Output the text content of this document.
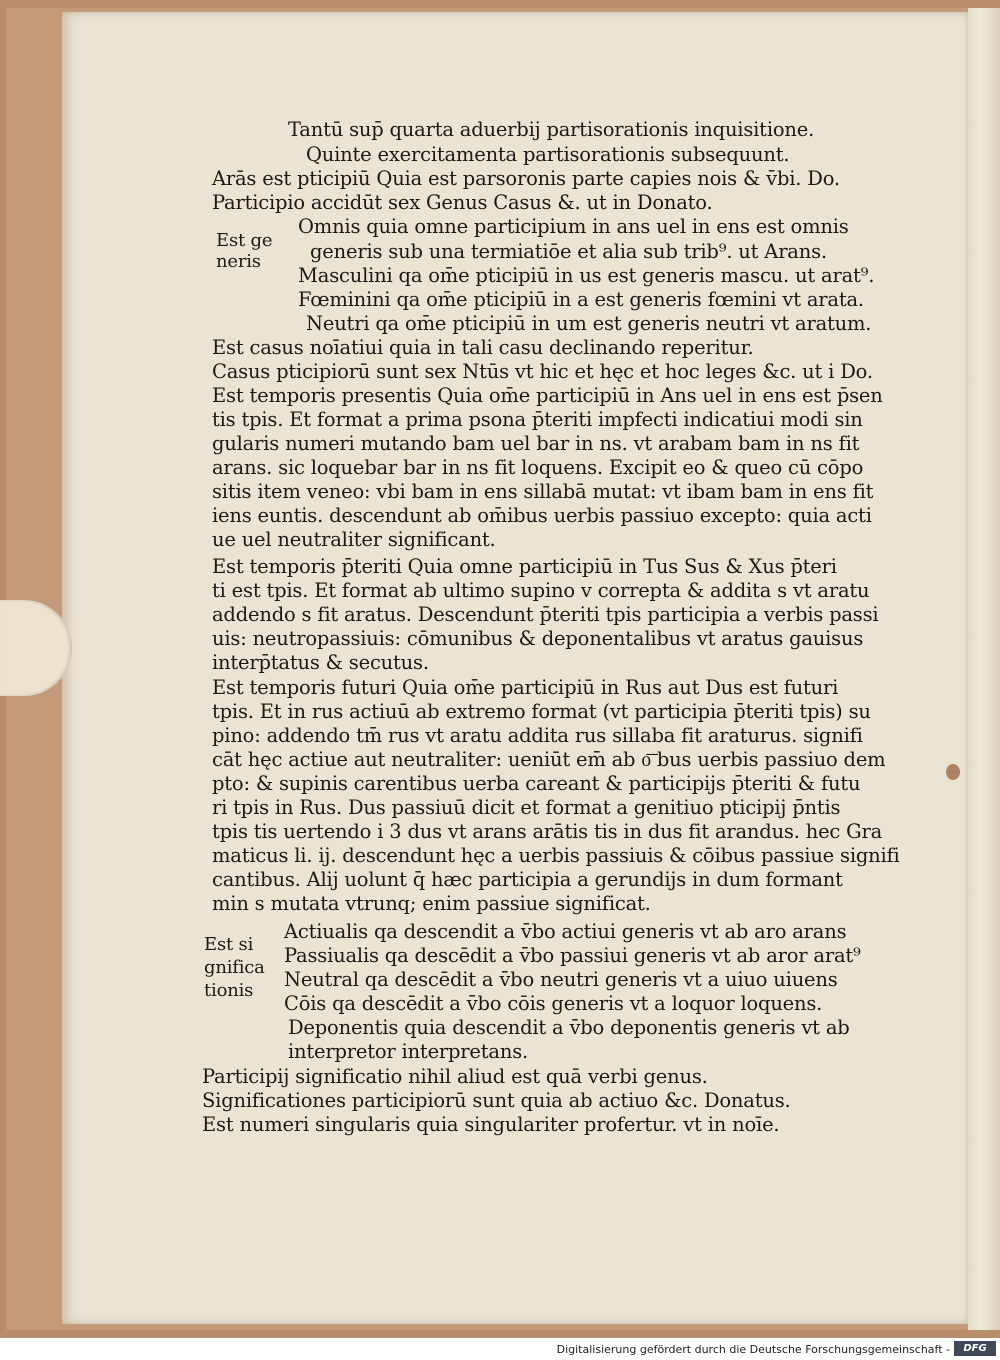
Tantū sup̄ quarta aduerbij partisorationis inquisitione.
Quinte exercitamenta partisorationis subsequunt.
Arās est pticipiū Quia est parsoronis parte capies nois & v̄bi. Do.
Participio accidūt sex Genus Casus &. ut in Donato.
Omnis quia omne participium in ans uel in ens est omnis
generis sub una termiatiōe et alia sub trib⁹. ut Arans.
Masculini qa om̄e pticipiū in us est generis mascu. ut arat⁹.
Fœminini qa om̄e pticipiū in a est generis fœmini vt arata.
Neutri qa om̄e pticipiū in um est generis neutri vt aratum.
Est casus noīatiui quia in tali casu declinando reperitur.
Casus pticipiorū sunt sex Ntūs vt hic et hęc et hoc leges &c. ut i Do.
Est temporis presentis Quia om̄e participiū in Ans uel in ens est p̄sen
tis tpis. Et format a prima psona p̄teriti impfecti indicatiui modi sin
gularis numeri mutando bam uel bar in ns. vt arabam bam in ns fit
arans. sic loquebar bar in ns fit loquens. Excipit eo & queo cū cōpo
sitis item veneo: vbi bam in ens sillabā mutat: vt ibam bam in ens fit
iens euntis. descendunt ab om̄ibus uerbis passiuo excepto: quia acti
ue uel neutraliter significant.
Est temporis p̄teriti Quia omne participiū in Tus Sus & Xus p̄teri
ti est tpis. Et format ab ultimo supino v correpta & addita s vt aratu
addendo s fit aratus. Descendunt p̄teriti tpis participia a verbis passi
uis: neutropassiuis: cōmunibus & deponentalibus vt aratus gauisus
interp̄tatus & secutus.
Est temporis futuri Quia om̄e participiū in Rus aut Dus est futuri
tpis. Et in rus actiuū ab extremo format (vt participia p̄teriti tpis) su
pino: addendo tm̄ rus vt aratu addita rus sillaba fit araturus. signifi
cāt hęc actiue aut neutraliter: ueniūt em̄ ab o͞ bus uerbis passiuo dem
pto: & supinis carentibus uerba careant & participijs p̄teriti & futu
ri tpis in Rus. Dus passiuū dicit et format a genitiuo pticipij p̄ntis
tpis tis uertendo i 3 dus vt arans arātis tis in dus fit arandus. hec Gra
maticus li. ij. descendunt hęc a uerbis passiuis & cōibus passiue signifi
cantibus. Alij uolunt q̄ hæc participia a gerundijs in dum formant
min s mutata vtrunq; enim passiue significat.
Actiualis qa descendit a v̄bo actiui generis vt ab aro arans
Passiualis qa descēdit a v̄bo passiui generis vt ab aror arat⁹
Neutral qa descēdit a v̄bo neutri generis vt a uiuo uiuens
Cōis qa descēdit a v̄bo cōis generis vt a loquor loquens.
Deponentis quia descendit a v̄bo deponentis generis vt ab
interpretor interpretans.
Participij significatio nihil aliud est quā verbi genus.
Significationes participiorū sunt quia ab actiuo &c. Donatus.
Est numeri singularis quia singulariter profertur. vt in noīe.
Est ge
neris
Est si
gnifica
tionis
Digitalisierung gefördert durch die Deutsche Forschungsgemeinschaft -	DFG
